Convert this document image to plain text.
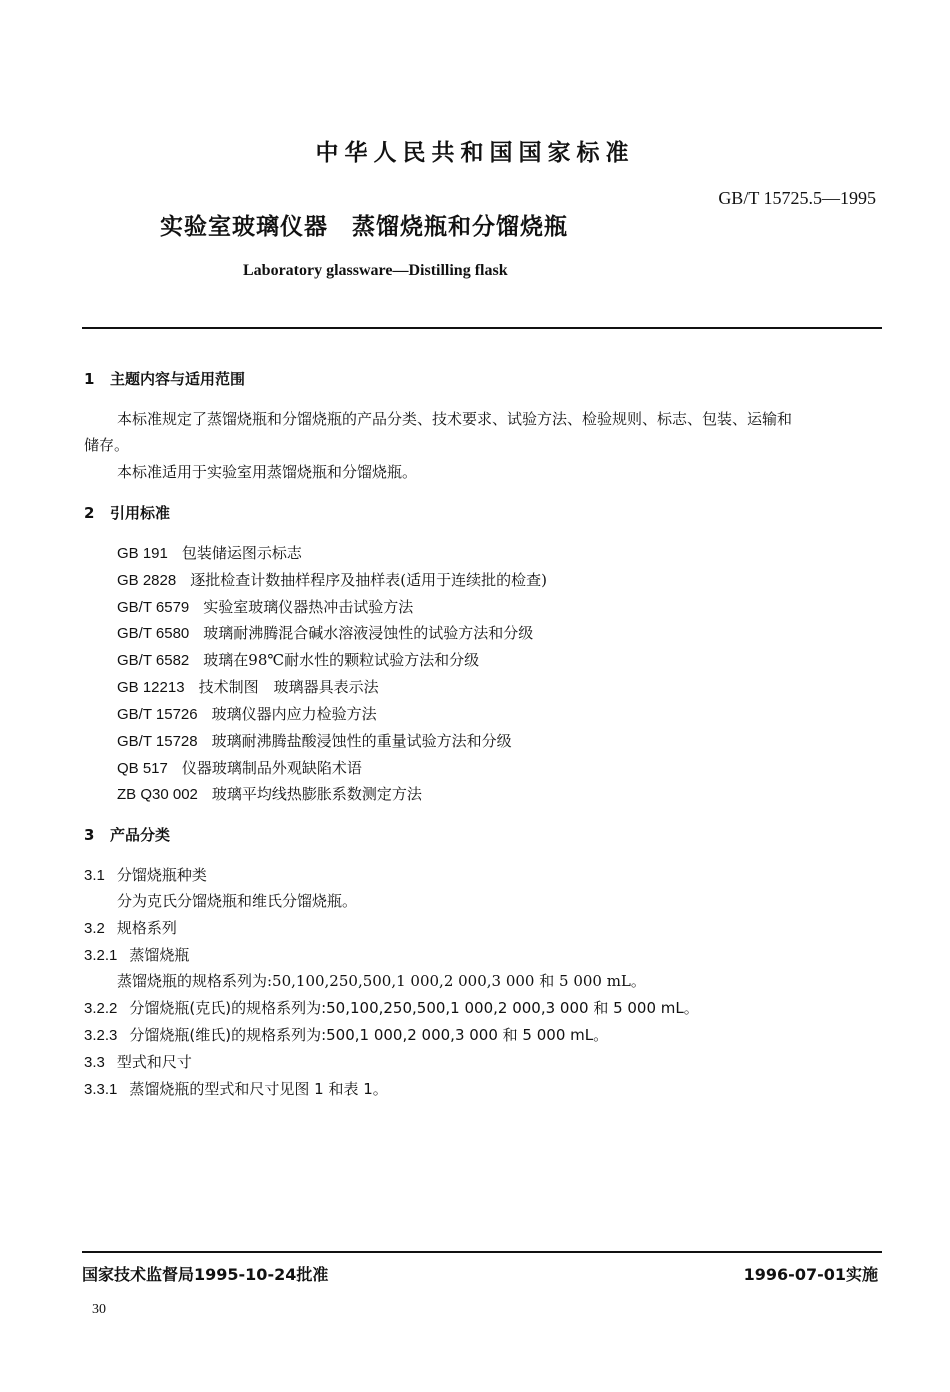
中华人民共和国国家标准
GB/T 15725.5—1995
实验室玻璃仪器　蒸馏烧瓶和分馏烧瓶
Laboratory glassware—Distilling flask
1 主题内容与适用范围
本标准规定了蒸馏烧瓶和分馏烧瓶的产品分类、技术要求、试验方法、检验规则、标志、包装、运输和
储存。
本标准适用于实验室用蒸馏烧瓶和分馏烧瓶。
2 引用标准
GB 191 包装储运图示标志
GB 2828 逐批检查计数抽样程序及抽样表(适用于连续批的检查)
GB/T 6579 实验室玻璃仪器热冲击试验方法
GB/T 6580 玻璃耐沸腾混合碱水溶液浸蚀性的试验方法和分级
GB/T 6582 玻璃在98℃耐水性的颗粒试验方法和分级
GB 12213 技术制图　玻璃器具表示法
GB/T 15726 玻璃仪器内应力检验方法
GB/T 15728 玻璃耐沸腾盐酸浸蚀性的重量试验方法和分级
QB 517 仪器玻璃制品外观缺陷术语
ZB Q30 002 玻璃平均线热膨胀系数测定方法
3 产品分类
3.1 分馏烧瓶种类
分为克氏分馏烧瓶和维氏分馏烧瓶。
3.2 规格系列
3.2.1 蒸馏烧瓶
蒸馏烧瓶的规格系列为:50,100,250,500,1 000,2 000,3 000 和 5 000 mL。
3.2.2 分馏烧瓶(克氏)的规格系列为:50,100,250,500,1 000,2 000,3 000 和 5 000 mL。
3.2.3 分馏烧瓶(维氏)的规格系列为:500,1 000,2 000,3 000 和 5 000 mL。
3.3 型式和尺寸
3.3.1 蒸馏烧瓶的型式和尺寸见图 1 和表 1。
国家技术监督局1995-10-24批准	1996-07-01实施
30
